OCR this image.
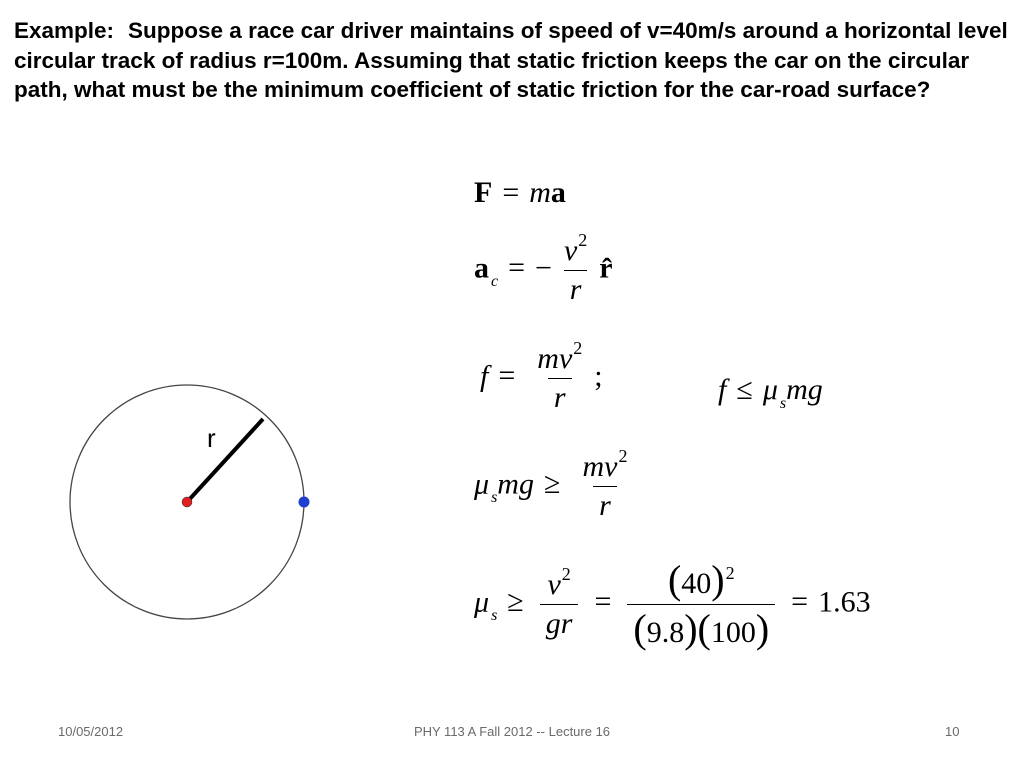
Example: Suppose a race car driver maintains of speed of v=40m/s around a horizontal level circular track of radius r=100m. Assuming that static friction keeps the car on the circular path, what must be the minimum coefficient of static friction for the car-road surface?

r
F = ma
a $_c$ = − $\frac{v^2}{r}$ r̂
$f = \frac{mv^2}{r}$ ;	f ≤ μ $_s$mg
μ $_smg \ge \frac{mv^2}{r}$
μ $_s \ge \frac{v^2}{gr} = \frac{(40)^2}{(9.8)(100)} = 1.63$
10/05/2012	PHY 113 A Fall 2012 -- Lecture 16	10
